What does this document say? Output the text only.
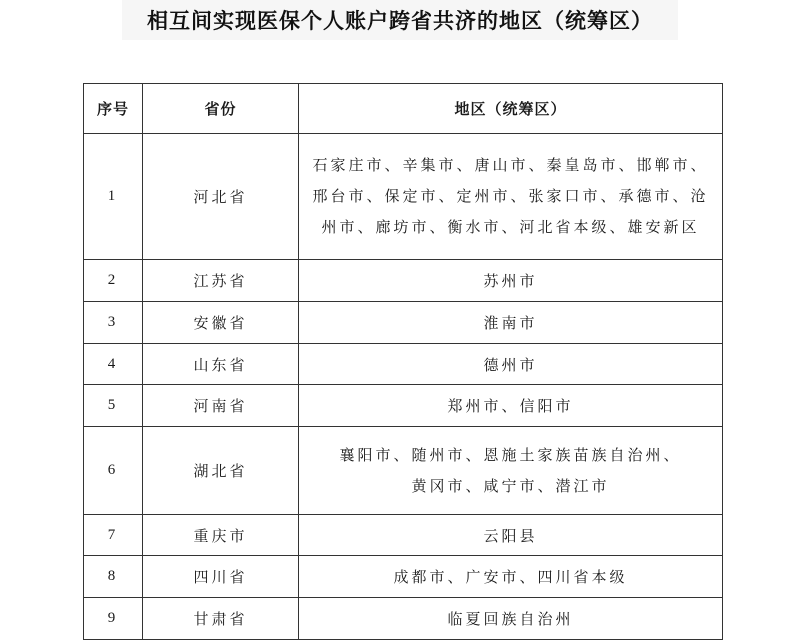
相互间实现医保个人账户跨省共济的地区（统筹区）
序号	省份	地区（统筹区）
1	河北省	石家庄市、辛集市、唐山市、秦皇岛市、邯郸市、
邢台市、保定市、定州市、张家口市、承德市、沧
州市、廊坊市、衡水市、河北省本级、雄安新区

2	江苏省	苏州市
3	安徽省	淮南市
4	山东省	德州市
5	河南省	郑州市、信阳市
6	湖北省	襄阳市、随州市、恩施土家族苗族自治州、
黄冈市、咸宁市、潜江市

7	重庆市	云阳县
8	四川省	成都市、广安市、四川省本级
9	甘肃省	临夏回族自治州
